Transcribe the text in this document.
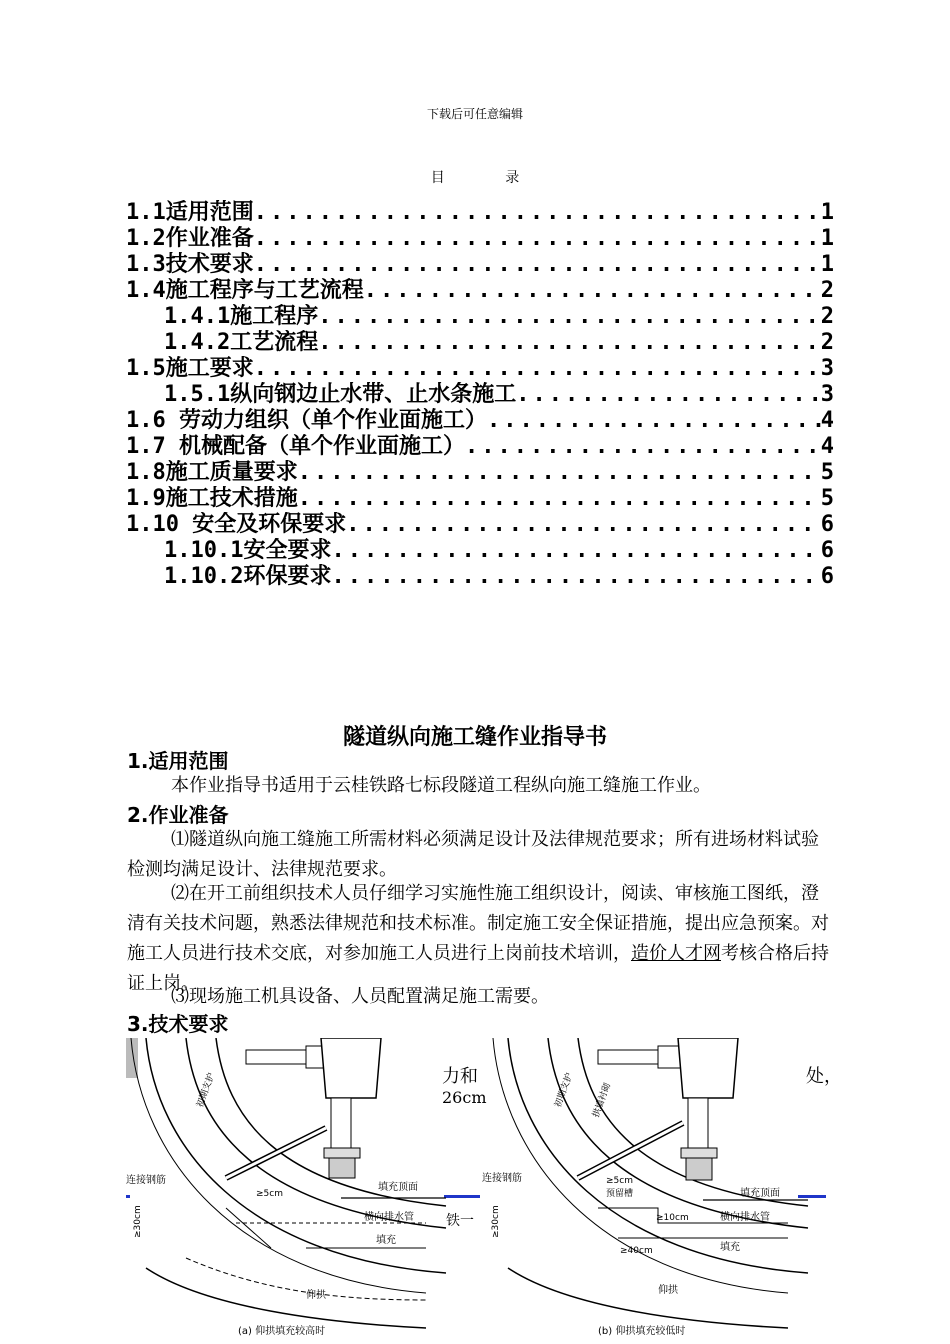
下载后可任意编辑
目 录
1.1适用范围 .....	1
1.2作业准备 .....	1
1.3技术要求 .....	1
1.4施工程序与工艺流程 .....	2
1.4.1施工程序 .....	2
1.4.2工艺流程 .....	2
1.5施工要求 .....	3
1.5.1纵向钢边止水带、止水条施工 .....	3
1.6 劳动力组织（单个作业面施工） .....	4
1.7 机械配备（单个作业面施工） .....	4
1.8施工质量要求 .....	5
1.9施工技术措施 .....	5
1.10 安全及环保要求 .....	6
1.10.1安全要求 .....	6
1.10.2环保要求 .....	6
隧道纵向施工缝作业指导书
1.适用范围
本作业指导书适用于云桂铁路七标段隧道工程纵向施工缝施工作业。
2.作业准备
⑴隧道纵向施工缝施工所需材料必须满足设计及法律规范要求；所有进场材料试验检测均满足设计、法律规范要求。
⑵在开工前组织技术人员仔细学习实施性施工组织设计，阅读、审核施工图纸，澄清有关技术问题，熟悉法律规范和技术标准。制定施工安全保证措施，提出应急预案。对施工人员进行技术交底，对参加施工人员进行上岗前技术培训，造价人才网考核合格后持证上岗。
⑶现场施工机具设备、人员配置满足施工需要。
3.技术要求
力和	处，
26cm
铁一
初期支护
连接钢筋
≥5cm
填充顶面
横向排水管
填充
仰拱
≥30cm
(a) 仰拱填充较高时
拱墙衬砌
初期支护
连接钢筋	≥5cm
预留槽	填充顶面
≥10cm	横向排水管
≥40cm	填充
仰拱
≥30cm
(b) 仰拱填充较低时
